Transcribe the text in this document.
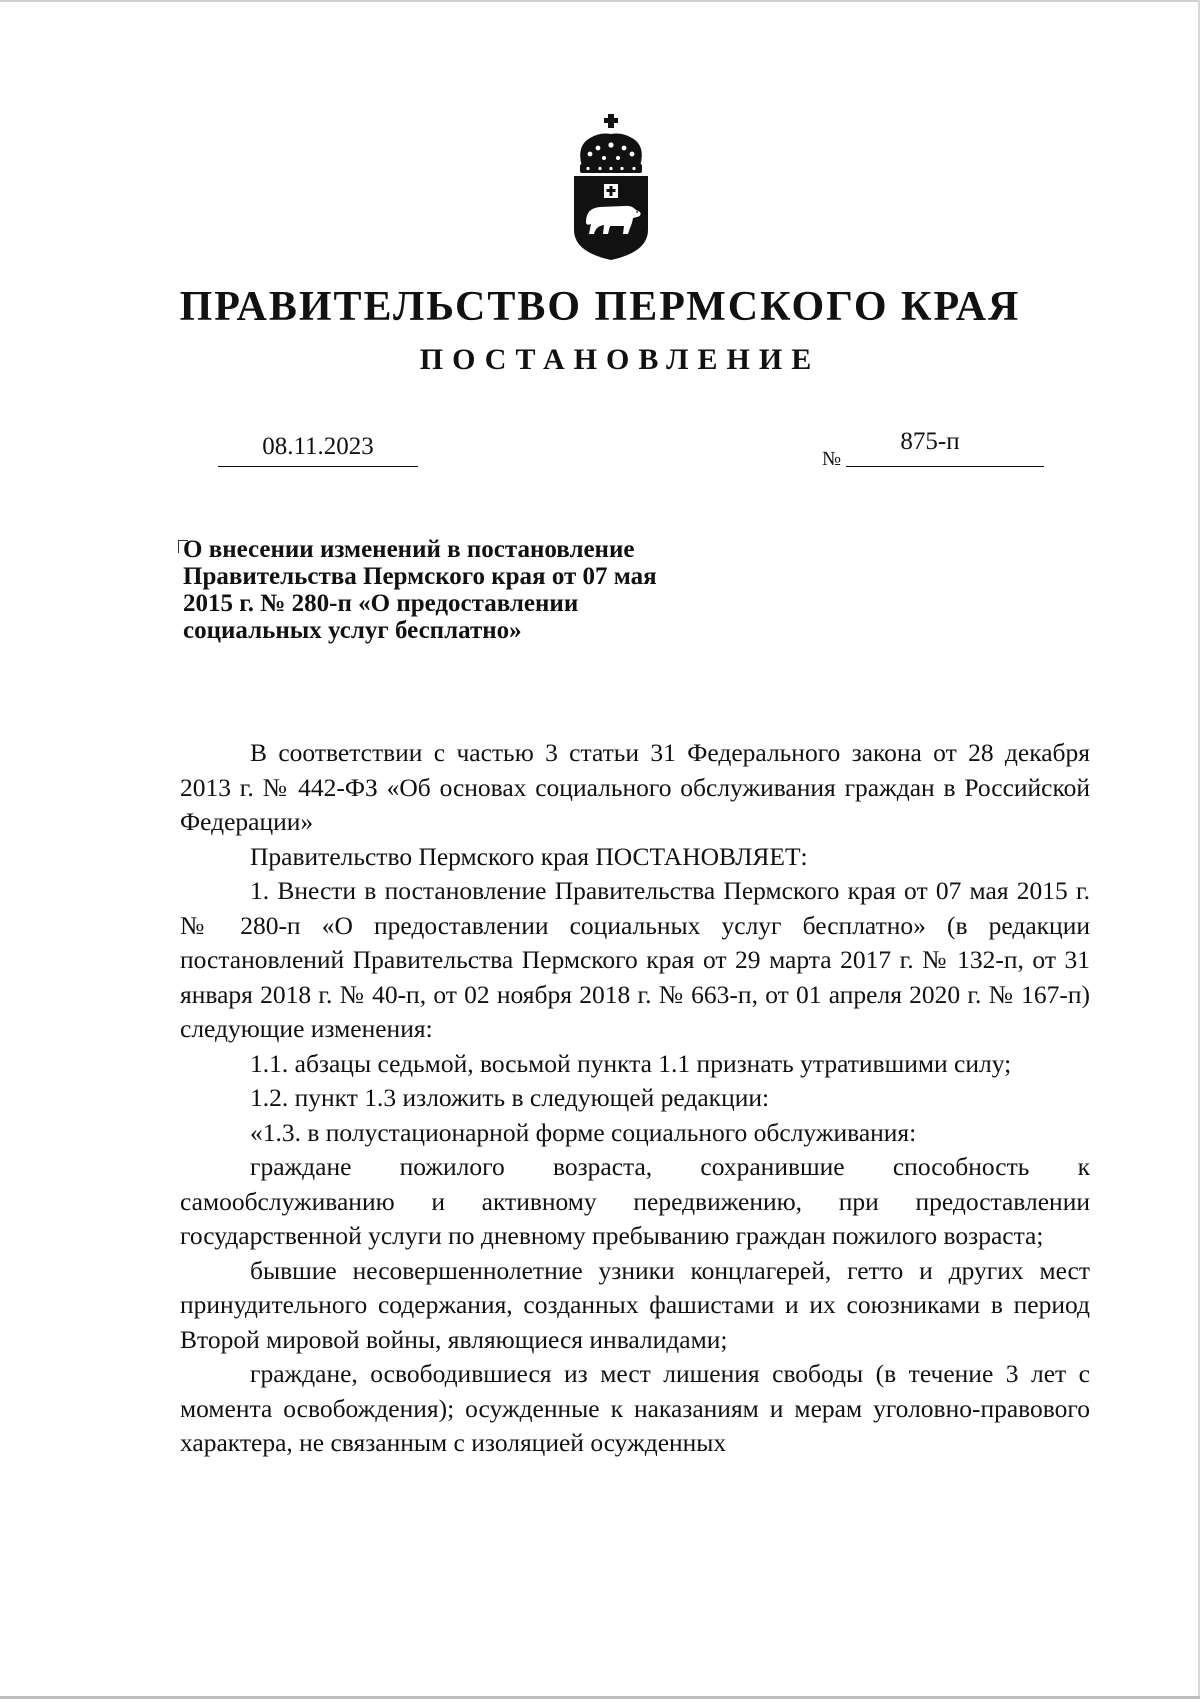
ПРАВИТЕЛЬСТВО ПЕРМСКОГО КРАЯ
ПОСТАНОВЛЕНИЕ
08.11.2023	№
875-п
О внесении изменений в постановление
Правительства Пермского края от 07 мая
2015 г. № 280-п «О предоставлении
социальных услуг бесплатно»

В соответствии с частью 3 статьи 31 Федерального закона от 28 декабря 2013 г. № 442-ФЗ «Об основах социального обслуживания граждан в Российской Федерации»

Правительство Пермского края ПОСТАНОВЛЯЕТ:

1. Внести в постановление Правительства Пермского края от 07 мая 2015 г. № 280-п «О предоставлении социальных услуг бесплатно» (в редакции постановлений Правительства Пермского края от 29 марта 2017 г. № 132-п, от 31 января 2018 г. № 40-п, от 02 ноября 2018 г. № 663-п, от 01 апреля 2020 г. № 167-п) следующие изменения:

1.1. абзацы седьмой, восьмой пункта 1.1 признать утратившими силу;

1.2. пункт 1.3 изложить в следующей редакции:

«1.3. в полустационарной форме социального обслуживания:

граждане пожилого возраста, сохранившие способность к самообслуживанию и активному передвижению, при предоставлении государственной услуги по дневному пребыванию граждан пожилого возраста;

бывшие несовершеннолетние узники концлагерей, гетто и других мест принудительного содержания, созданных фашистами и их союзниками в период Второй мировой войны, являющиеся инвалидами;

граждане, освободившиеся из мест лишения свободы (в течение 3 лет с момента освобождения); осужденные к наказаниям и мерам уголовно-правового характера, не связанным с изоляцией осужденных
